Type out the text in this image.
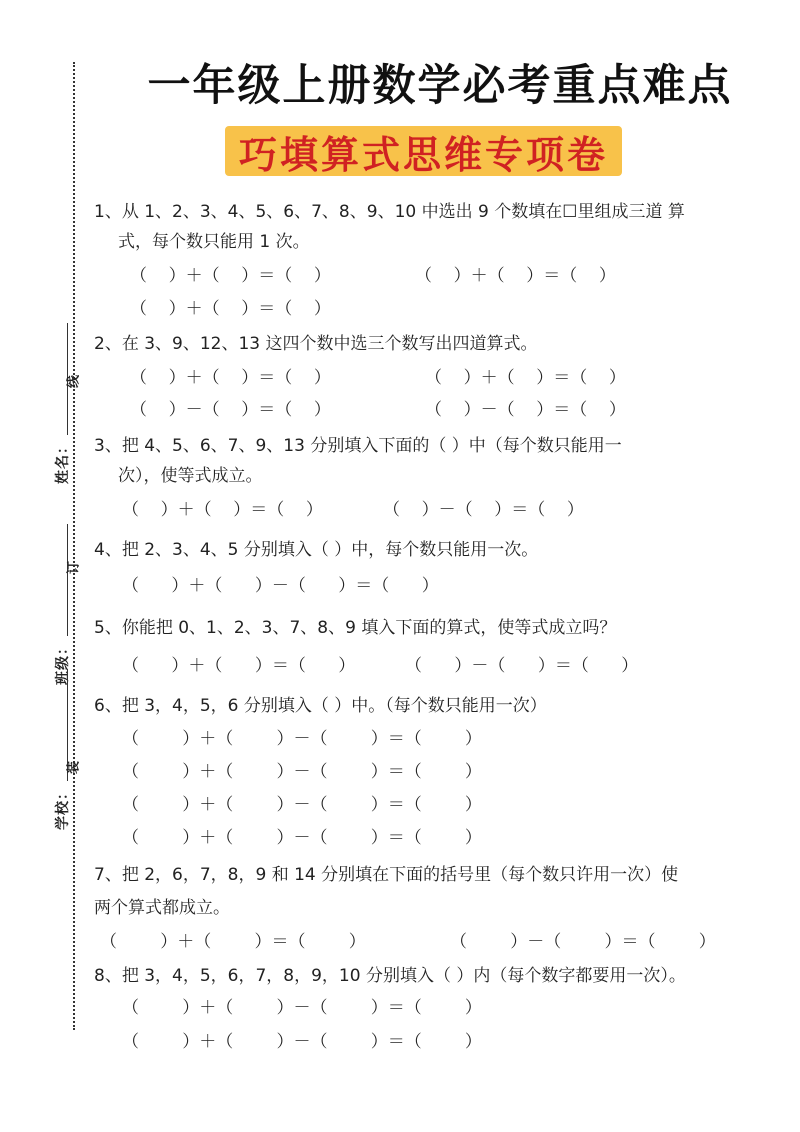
姓名：
班级：
学校：
线
订
装
一年级上册数学必考重点难点
巧填算式思维专项卷
1、从 1、2、3、4、5、6、7、8、9、10 中选出 9 个数填在☐里组成三道 算
式，每个数只能用 1 次。
（    ）＋（    ）＝（    ）	（    ）＋（    ）＝（    ）
（    ）＋（    ）＝（    ）
2、在 3、9、12、13 这四个数中选三个数写出四道算式。
（    ）＋（    ）＝（    ）	（    ）＋（    ）＝（    ）
（    ）－（    ）＝（    ）	（    ）－（    ）＝（    ）
3、把 4、5、6、7、9、13 分别填入下面的（ ）中（每个数只能用一
次），使等式成立。
（    ）＋（    ）＝（    ）	（    ）－（    ）＝（    ）
4、把 2、3、4、5 分别填入（ ）中，每个数只能用一次。
（      ）＋（      ）－（      ）＝（      ）
5、你能把 0、1、2、3、7、8、9 填入下面的算式，使等式成立吗？
（      ）＋（      ）＝（      ）	（      ）－（      ）＝（      ）
6、把 3，4，5，6 分别填入（ ）中。（每个数只能用一次）
（        ）＋（        ）－（        ）＝（        ）
（        ）＋（        ）－（        ）＝（        ）
（        ）＋（        ）－（        ）＝（        ）
（        ）＋（        ）－（        ）＝（        ）
7、把 2，6，7，8，9 和 14 分别填在下面的括号里（每个数只许用一次）使
两个算式都成立。
（        ）＋（        ）＝（        ）	（        ）－（        ）＝（        ）
8、把 3，4，5，6，7，8，9，10 分别填入（ ）内（每个数字都要用一次）。
（        ）＋（        ）－（        ）＝（        ）
（        ）＋（        ）－（        ）＝（        ）
